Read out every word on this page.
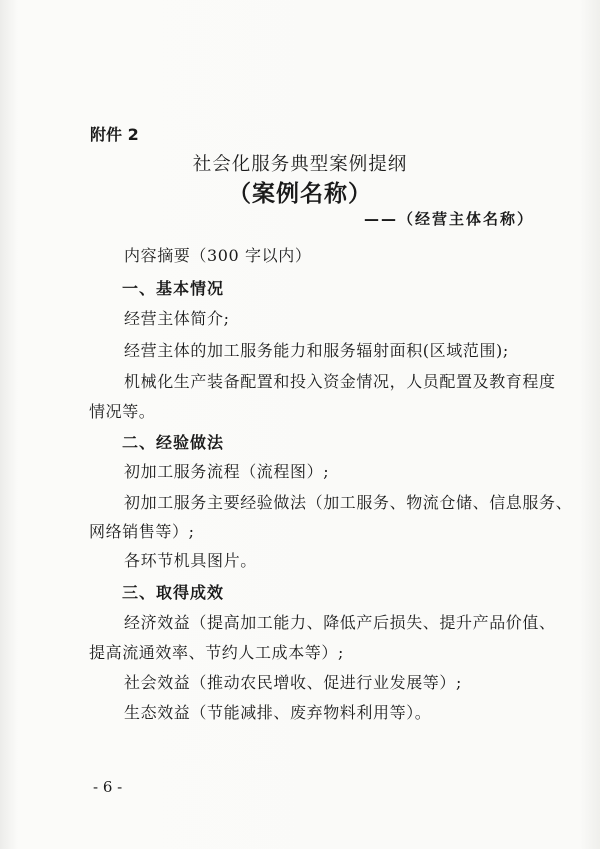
附件 2
社会化服务典型案例提纲
（案例名称）
——（经营主体名称）
内容摘要（300 字以内）
一、基本情况
经营主体简介;
经营主体的加工服务能力和服务辐射面积(区域范围);
机械化生产装备配置和投入资金情况，人员配置及教育程度
情况等。
二、经验做法
初加工服务流程（流程图）;
初加工服务主要经验做法（加工服务、物流仓储、信息服务、
网络销售等）;
各环节机具图片。
三、取得成效
经济效益（提高加工能力、降低产后损失、提升产品价值、
提高流通效率、节约人工成本等）;
社会效益（推动农民增收、促进行业发展等）;
生态效益（节能减排、废弃物料利用等）。
- 6 -
